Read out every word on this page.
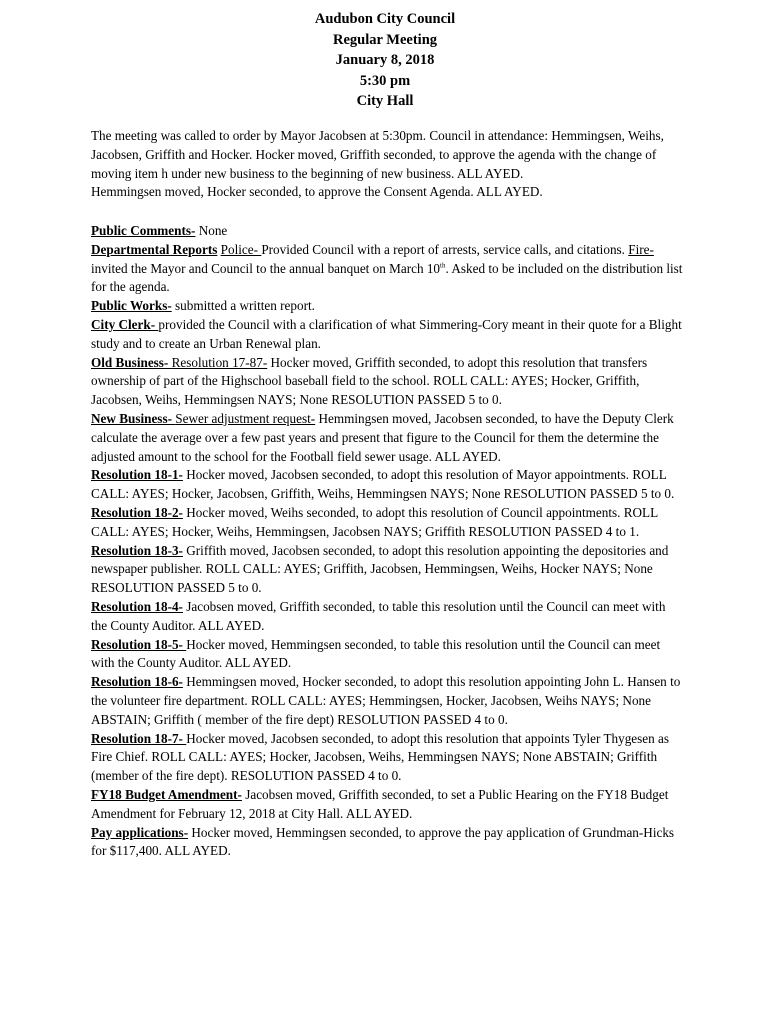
Audubon City Council
Regular Meeting
January 8, 2018
5:30 pm
City Hall

The meeting was called to order by Mayor Jacobsen at 5:30pm. Council in attendance: Hemmingsen, Weihs, Jacobsen, Griffith and Hocker. Hocker moved, Griffith seconded, to approve the agenda with the change of moving item h under new business to the beginning of new business. ALL AYED.

Hemmingsen moved, Hocker seconded, to approve the Consent Agenda. ALL AYED.

Public Comments- None

Departmental Reports Police- Provided Council with a report of arrests, service calls, and citations. Fire- invited the Mayor and Council to the annual banquet on March 10th. Asked to be included on the distribution list for the agenda.

Public Works- submitted a written report.

City Clerk- provided the Council with a clarification of what Simmering-Cory meant in their quote for a Blight study and to create an Urban Renewal plan.

Old Business- Resolution 17-87- Hocker moved, Griffith seconded, to adopt this resolution that transfers ownership of part of the Highschool baseball field to the school. ROLL CALL: AYES; Hocker, Griffith, Jacobsen, Weihs, Hemmingsen NAYS; None RESOLUTION PASSED 5 to 0.

New Business- Sewer adjustment request- Hemmingsen moved, Jacobsen seconded, to have the Deputy Clerk calculate the average over a few past years and present that figure to the Council for them the determine the adjusted amount to the school for the Football field sewer usage. ALL AYED.

Resolution 18-1- Hocker moved, Jacobsen seconded, to adopt this resolution of Mayor appointments. ROLL CALL: AYES; Hocker, Jacobsen, Griffith, Weihs, Hemmingsen NAYS; None RESOLUTION PASSED 5 to 0.

Resolution 18-2- Hocker moved, Weihs seconded, to adopt this resolution of Council appointments. ROLL CALL: AYES; Hocker, Weihs, Hemmingsen, Jacobsen NAYS; Griffith RESOLUTION PASSED 4 to 1.

Resolution 18-3- Griffith moved, Jacobsen seconded, to adopt this resolution appointing the depositories and newspaper publisher. ROLL CALL: AYES; Griffith, Jacobsen, Hemmingsen, Weihs, Hocker NAYS; None RESOLUTION PASSED 5 to 0.

Resolution 18-4- Jacobsen moved, Griffith seconded, to table this resolution until the Council can meet with the County Auditor. ALL AYED.

Resolution 18-5- Hocker moved, Hemmingsen seconded, to table this resolution until the Council can meet with the County Auditor. ALL AYED.

Resolution 18-6- Hemmingsen moved, Hocker seconded, to adopt this resolution appointing John L. Hansen to the volunteer fire department. ROLL CALL: AYES; Hemmingsen, Hocker, Jacobsen, Weihs NAYS; None ABSTAIN; Griffith ( member of the fire dept) RESOLUTION PASSED 4 to 0.

Resolution 18-7- Hocker moved, Jacobsen seconded, to adopt this resolution that appoints Tyler Thygesen as Fire Chief. ROLL CALL: AYES; Hocker, Jacobsen, Weihs, Hemmingsen NAYS; None ABSTAIN; Griffith (member of the fire dept). RESOLUTION PASSED 4 to 0.

FY18 Budget Amendment- Jacobsen moved, Griffith seconded, to set a Public Hearing on the FY18 Budget Amendment for February 12, 2018 at City Hall. ALL AYED.

Pay applications- Hocker moved, Hemmingsen seconded, to approve the pay application of Grundman-Hicks for $117,400. ALL AYED.
